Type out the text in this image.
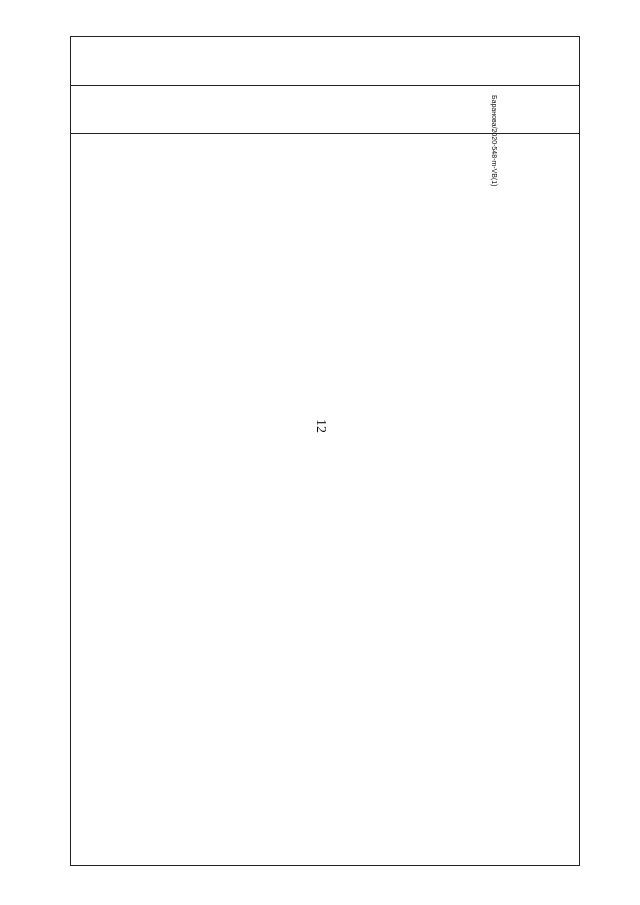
12
Баранова/2020-548-m-VB(1)
